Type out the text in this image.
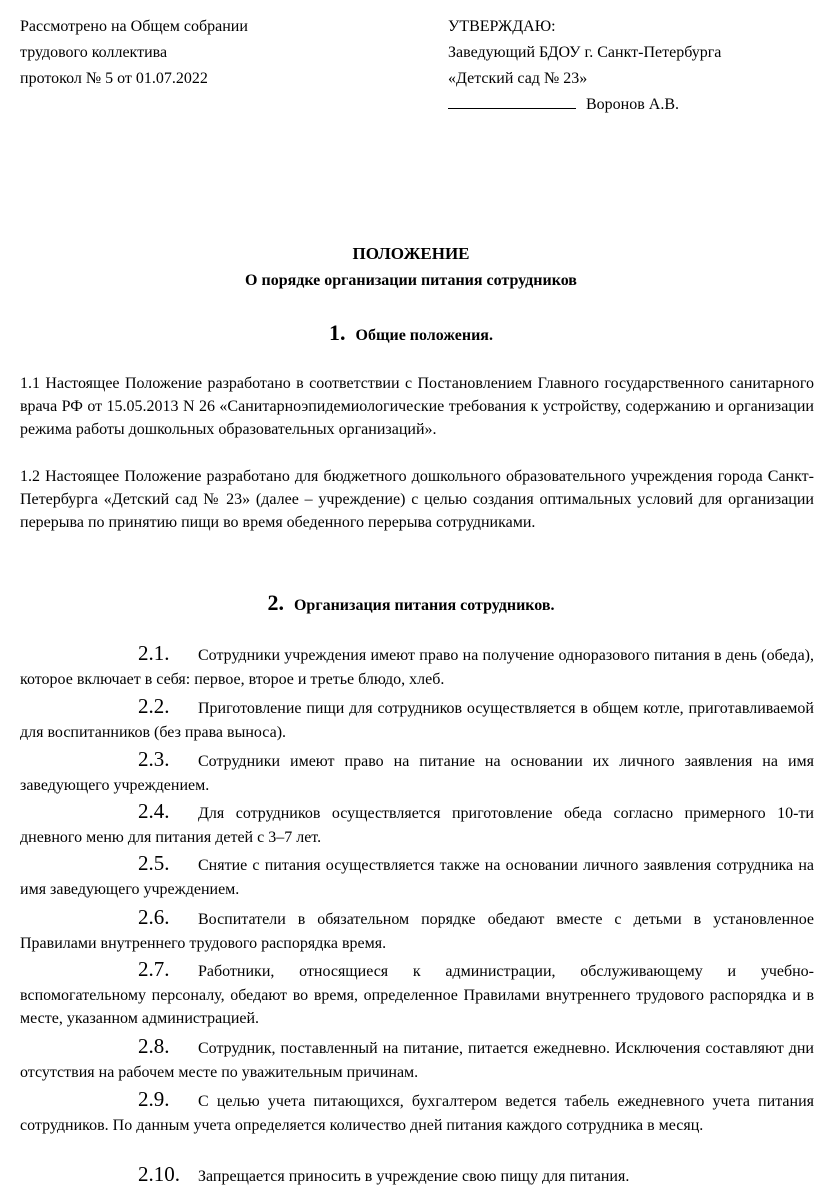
Рассмотрено на Общем собрании
трудового коллектива
протокол № 5 от 01.07.2022
УТВЕРЖДАЮ:
Заведующий БДОУ г. Санкт-Петербурга
«Детский сад № 23»
Воронов А.В.
ПОЛОЖЕНИЕ
О порядке организации питания сотрудников
1. Общие положения.
1.1 Настоящее Положение разработано в соответствии с Постановлением Главного государственного санитарного врача РФ от 15.05.2013 N 26 «Санитарноэпидемиологические требования к устройству, содержанию и организации режима работы дошкольных образовательных организаций».
1.2 Настоящее Положение разработано для бюджетного дошкольного образовательного учреждения города Санкт-Петербурга «Детский сад № 23» (далее – учреждение) с целью создания оптимальных условий для организации перерыва по принятию пищи во время обеденного перерыва сотрудниками.
2. Организация питания сотрудников.
2.1. Сотрудники учреждения имеют право на получение одноразового питания в день (обеда), которое включает в себя: первое, второе и третье блюдо, хлеб.
2.2. Приготовление пищи для сотрудников осуществляется в общем котле, приготавливаемой для воспитанников (без права выноса).
2.3. Сотрудники имеют право на питание на основании их личного заявления на имя заведующего учреждением.
2.4. Для сотрудников осуществляется приготовление обеда согласно примерного 10-ти дневного меню для питания детей с 3–7 лет.
2.5. Снятие с питания осуществляется также на основании личного заявления сотрудника на имя заведующего учреждением.
2.6. Воспитатели в обязательном порядке обедают вместе с детьми в установленное Правилами внутреннего трудового распорядка время.
2.7. Работники, относящиеся к администрации, обслуживающему и учебно-вспомогательному персоналу, обедают во время, определенное Правилами внутреннего трудового распорядка и в месте, указанном администрацией.
2.8. Сотрудник, поставленный на питание, питается ежедневно. Исключения составляют дни отсутствия на рабочем месте по уважительным причинам.
2.9. С целью учета питающихся, бухгалтером ведется табель ежедневного учета питания сотрудников. По данным учета определяется количество дней питания каждого сотрудника в месяц.
2.10. Запрещается приносить в учреждение свою пищу для питания.
